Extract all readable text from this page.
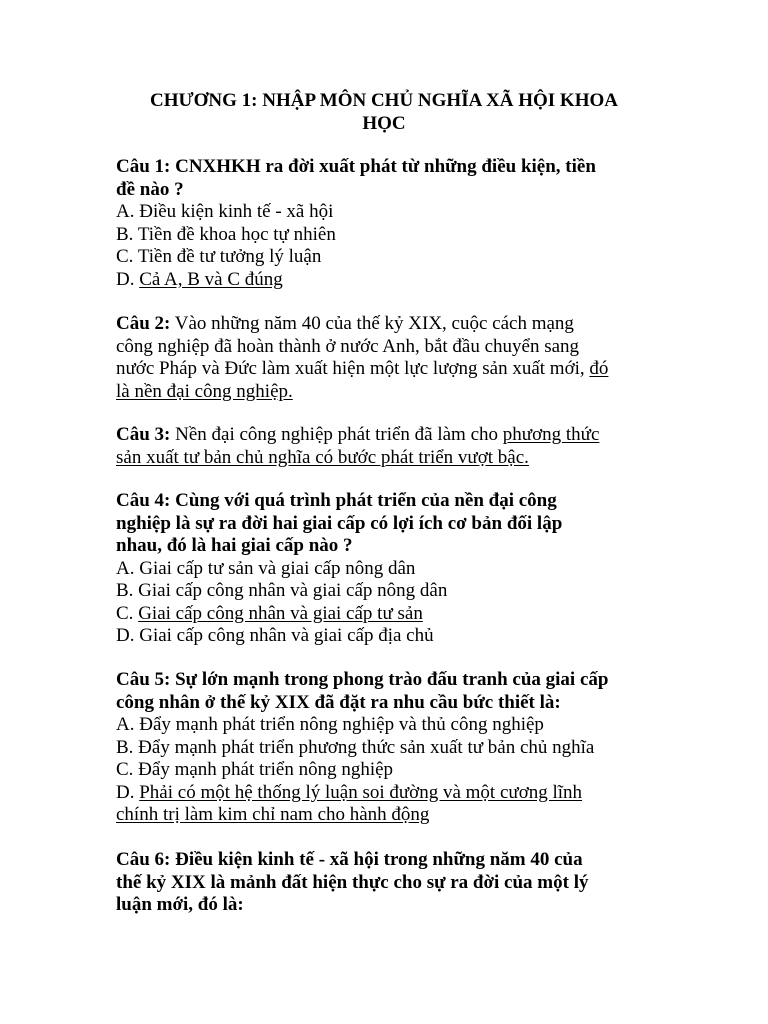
CHƯƠNG 1: NHẬP MÔN CHỦ NGHĨA XÃ HỘI KHOA
HỌC
Câu 1: CNXHKH ra đời xuất phát từ những điều kiện, tiền
đề nào ?
A. Điều kiện kinh tế - xã hội
B. Tiền đề khoa học tự nhiên
C. Tiền đề tư tưởng lý luận
D. Cả A, B và C đúng
Câu 2: Vào những năm 40 của thế kỷ XIX, cuộc cách mạng
công nghiệp đã hoàn thành ở nước Anh, bắt đầu chuyển sang
nước Pháp và Đức làm xuất hiện một lực lượng sản xuất mới, đó
là nền đại công nghiệp.
Câu 3: Nền đại công nghiệp phát triển đã làm cho phương thức
sản xuất tư bản chủ nghĩa có bước phát triển vượt bậc.
Câu 4: Cùng với quá trình phát triển của nền đại công
nghiệp là sự ra đời hai giai cấp có lợi ích cơ bản đối lập
nhau, đó là hai giai cấp nào ?
A. Giai cấp tư sản và giai cấp nông dân
B. Giai cấp công nhân và giai cấp nông dân
C. Giai cấp công nhân và giai cấp tư sản
D. Giai cấp công nhân và giai cấp địa chủ
Câu 5: Sự lớn mạnh trong phong trào đấu tranh của giai cấp
công nhân ở thế kỷ XIX đã đặt ra nhu cầu bức thiết là:
A. Đẩy mạnh phát triển nông nghiệp và thủ công nghiệp
B. Đẩy mạnh phát triển phương thức sản xuất tư bản chủ nghĩa
C. Đẩy mạnh phát triển nông nghiệp
D. Phải có một hệ thống lý luận soi đường và một cương lĩnh
chính trị làm kim chỉ nam cho hành động
Câu 6: Điều kiện kinh tế - xã hội trong những năm 40 của
thế kỷ XIX là mảnh đất hiện thực cho sự ra đời của một lý
luận mới, đó là:
